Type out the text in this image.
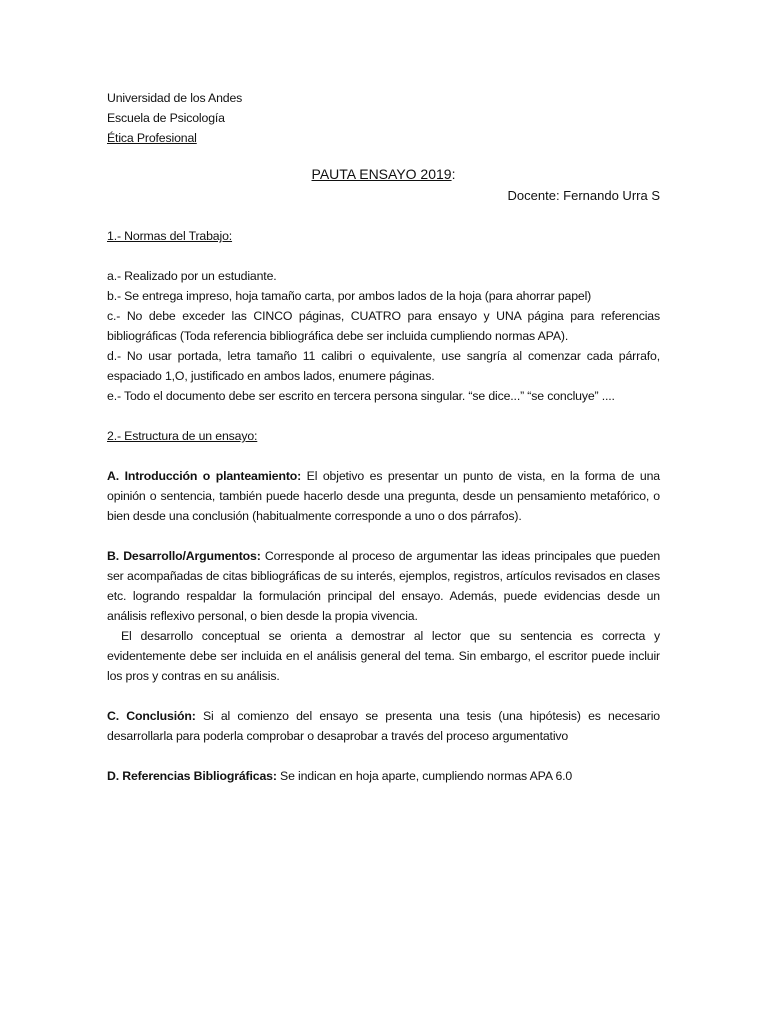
Universidad de los Andes
Escuela de Psicología
Ética Profesional
PAUTA ENSAYO 2019:
Docente: Fernando Urra S
1.- Normas del Trabajo:
a.- Realizado por un estudiante.
b.- Se entrega impreso, hoja tamaño carta, por ambos lados de la hoja (para ahorrar papel)
c.- No debe exceder las CINCO páginas, CUATRO para ensayo y UNA página para referencias bibliográficas (Toda referencia bibliográfica debe ser incluida cumpliendo normas APA).
d.- No usar portada, letra tamaño 11 calibri o equivalente, use sangría al comenzar cada párrafo, espaciado 1,O, justificado en ambos lados, enumere páginas.
e.- Todo el documento debe ser escrito en tercera persona singular. “se dice...” “se concluye” ....
2.- Estructura de un ensayo:
A. Introducción o planteamiento: El objetivo es presentar un punto de vista, en la forma de una opinión o sentencia, también puede hacerlo desde una pregunta, desde un pensamiento metafórico, o bien desde una conclusión (habitualmente corresponde a uno o dos párrafos).
B. Desarrollo/Argumentos: Corresponde al proceso de argumentar las ideas principales que pueden ser acompañadas de citas bibliográficas de su interés, ejemplos, registros, artículos revisados en clases etc. logrando respaldar la formulación principal del ensayo. Además, puede evidencias desde un análisis reflexivo personal, o bien desde la propia vivencia.
El desarrollo conceptual se orienta a demostrar al lector que su sentencia es correcta y evidentemente debe ser incluida en el análisis general del tema. Sin embargo, el escritor puede incluir los pros y contras en su análisis.
C. Conclusión: Si al comienzo del ensayo se presenta una tesis (una hipótesis) es necesario desarrollarla para poderla comprobar o desaprobar a través del proceso argumentativo
D. Referencias Bibliográficas: Se indican en hoja aparte, cumpliendo normas APA 6.0
